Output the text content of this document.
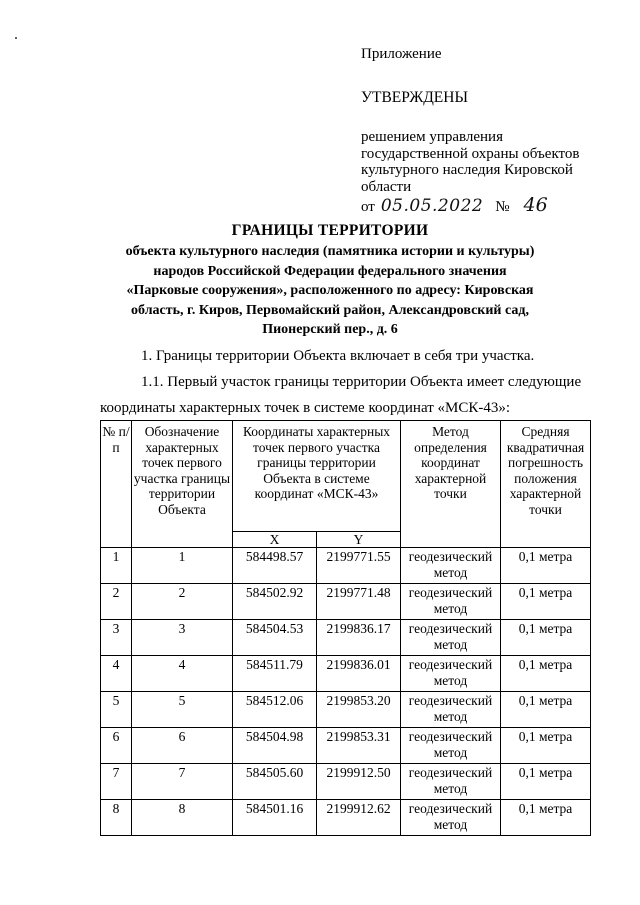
Приложение

УТВЕРЖДЕНЫ

решением управления государственной охраны объектов культурного наследия Кировской области

от 05.05.2022 № 46

ГРАНИЦЫ ТЕРРИТОРИИ

объекта культурного наследия (памятника истории и культуры)
народов Российской Федерации федерального значения
«Парковые сооружения», расположенного по адресу: Кировская
область, г. Киров, Первомайский район, Александровский сад,
Пионерский пер., д. 6

1. Границы территории Объекта включает в себя три участка.
1.1. Первый участок границы территории Объекта имеет следующие
координаты характерных точек в системе координат «МСК-43»:
№ п/п	Обозначение характерных точек первого участка границы территории Объекта	Координаты характерных точек первого участка границы территории Объекта в системе координат «МСК-43»		Метод определения координат характерной точки	Средняя квадратичная погрешность положения характерной точки
		X	Y		
1	1	584498.57	2199771.55	геодезический метод	0,1 метра
2	2	584502.92	2199771.48	геодезический метод	0,1 метра
3	3	584504.53	2199836.17	геодезический метод	0,1 метра
4	4	584511.79	2199836.01	геодезический метод	0,1 метра
5	5	584512.06	2199853.20	геодезический метод	0,1 метра
6	6	584504.98	2199853.31	геодезический метод	0,1 метра
7	7	584505.60	2199912.50	геодезический метод	0,1 метра
8	8	584501.16	2199912.62	геодезический метод	0,1 метра
